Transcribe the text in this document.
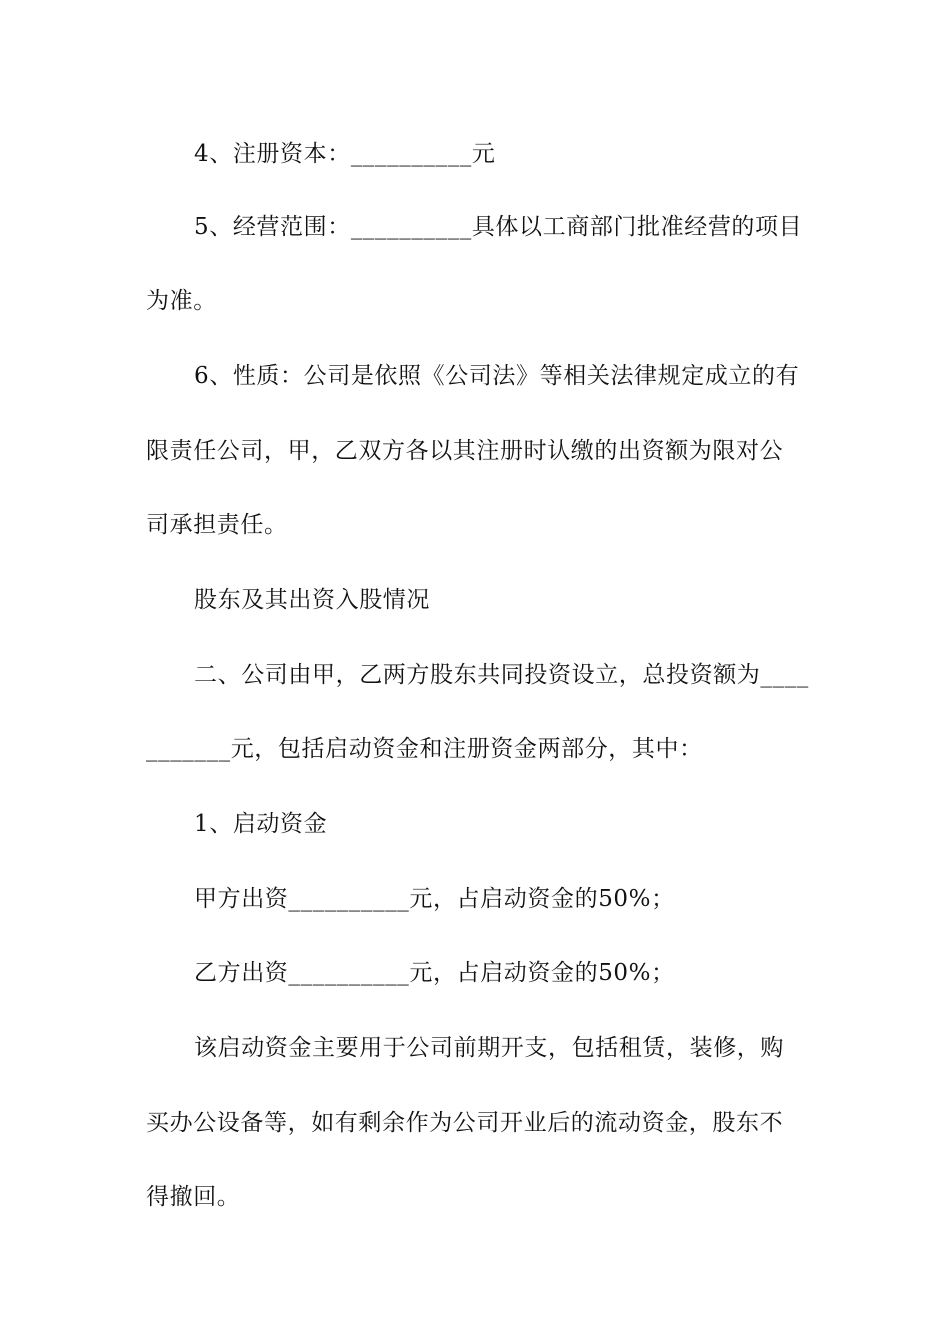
4、注册资本：__________元
5、经营范围：__________具体以工商部门批准经营的项目
为准。
6、性质：公司是依照《公司法》等相关法律规定成立的有
限责任公司，甲，乙双方各以其注册时认缴的出资额为限对公
司承担责任。
股东及其出资入股情况
二、公司由甲，乙两方股东共同投资设立，总投资额为____
_______元，包括启动资金和注册资金两部分，其中：
1、启动资金
甲方出资__________元，占启动资金的50%；
乙方出资__________元，占启动资金的50%；
该启动资金主要用于公司前期开支，包括租赁，装修，购
买办公设备等，如有剩余作为公司开业后的流动资金，股东不
得撤回。
